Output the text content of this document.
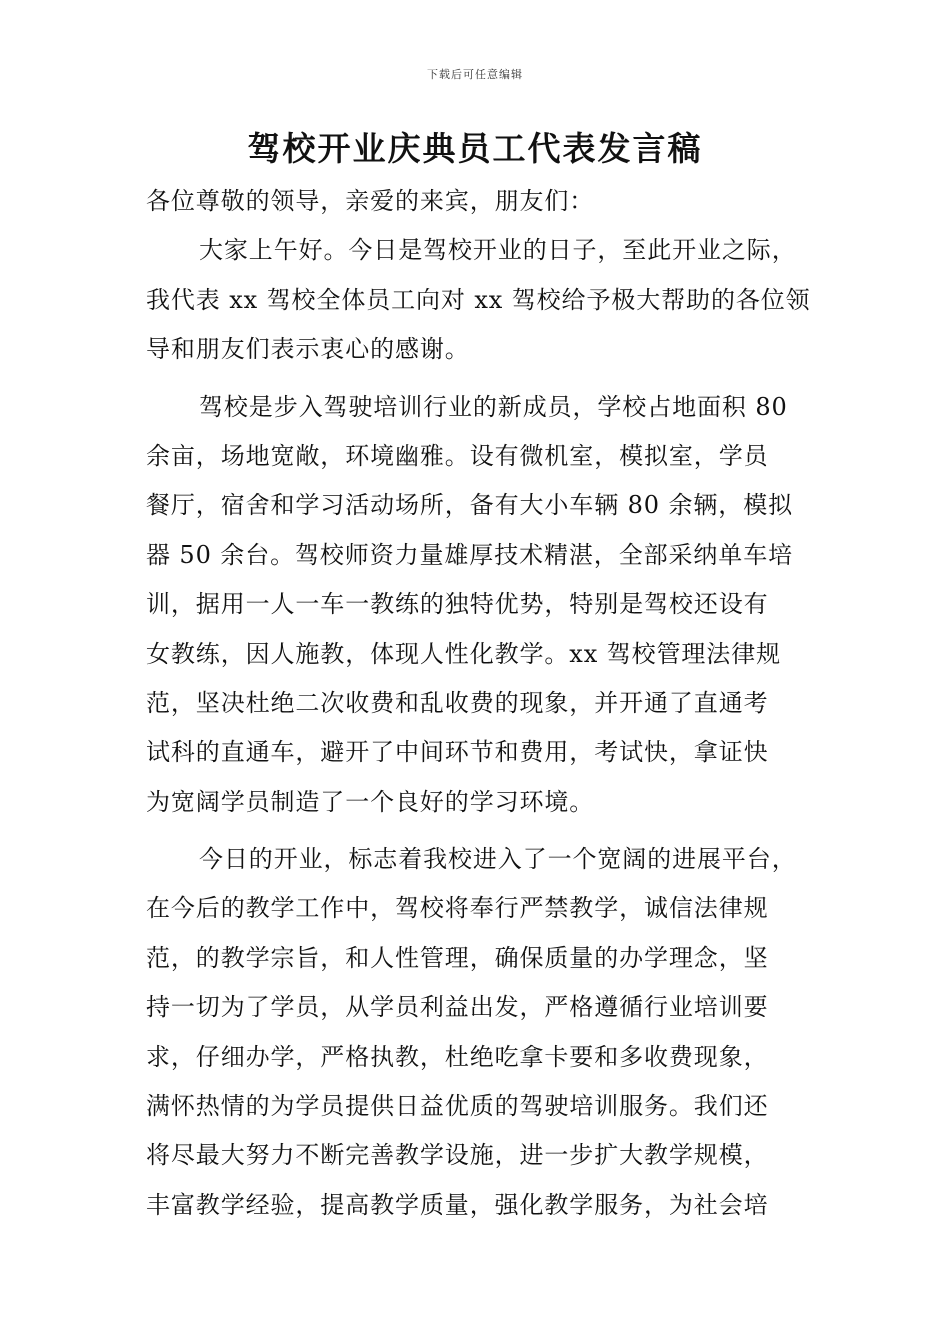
下载后可任意编辑
驾校开业庆典员工代表发言稿
各位尊敬的领导，亲爱的来宾，朋友们：
大家上午好。今日是驾校开业的日子，至此开业之际，
我代表 xx 驾校全体员工向对 xx 驾校给予极大帮助的各位领
导和朋友们表示衷心的感谢。
驾校是步入驾驶培训行业的新成员，学校占地面积 80
余亩，场地宽敞，环境幽雅。设有微机室，模拟室，学员
餐厅，宿舍和学习活动场所，备有大小车辆 80 余辆，模拟
器 50 余台。驾校师资力量雄厚技术精湛，全部采纳单车培
训，据用一人一车一教练的独特优势，特别是驾校还设有
女教练，因人施教，体现人性化教学。xx 驾校管理法律规
范，坚决杜绝二次收费和乱收费的现象，并开通了直通考
试科的直通车，避开了中间环节和费用，考试快，拿证快
为宽阔学员制造了一个良好的学习环境。
今日的开业，标志着我校进入了一个宽阔的进展平台，
在今后的教学工作中，驾校将奉行严禁教学，诚信法律规
范，的教学宗旨，和人性管理，确保质量的办学理念，坚
持一切为了学员，从学员利益出发，严格遵循行业培训要
求，仔细办学，严格执教，杜绝吃拿卡要和多收费现象，
满怀热情的为学员提供日益优质的驾驶培训服务。我们还
将尽最大努力不断完善教学设施，进一步扩大教学规模，
丰富教学经验，提高教学质量，强化教学服务，为社会培
